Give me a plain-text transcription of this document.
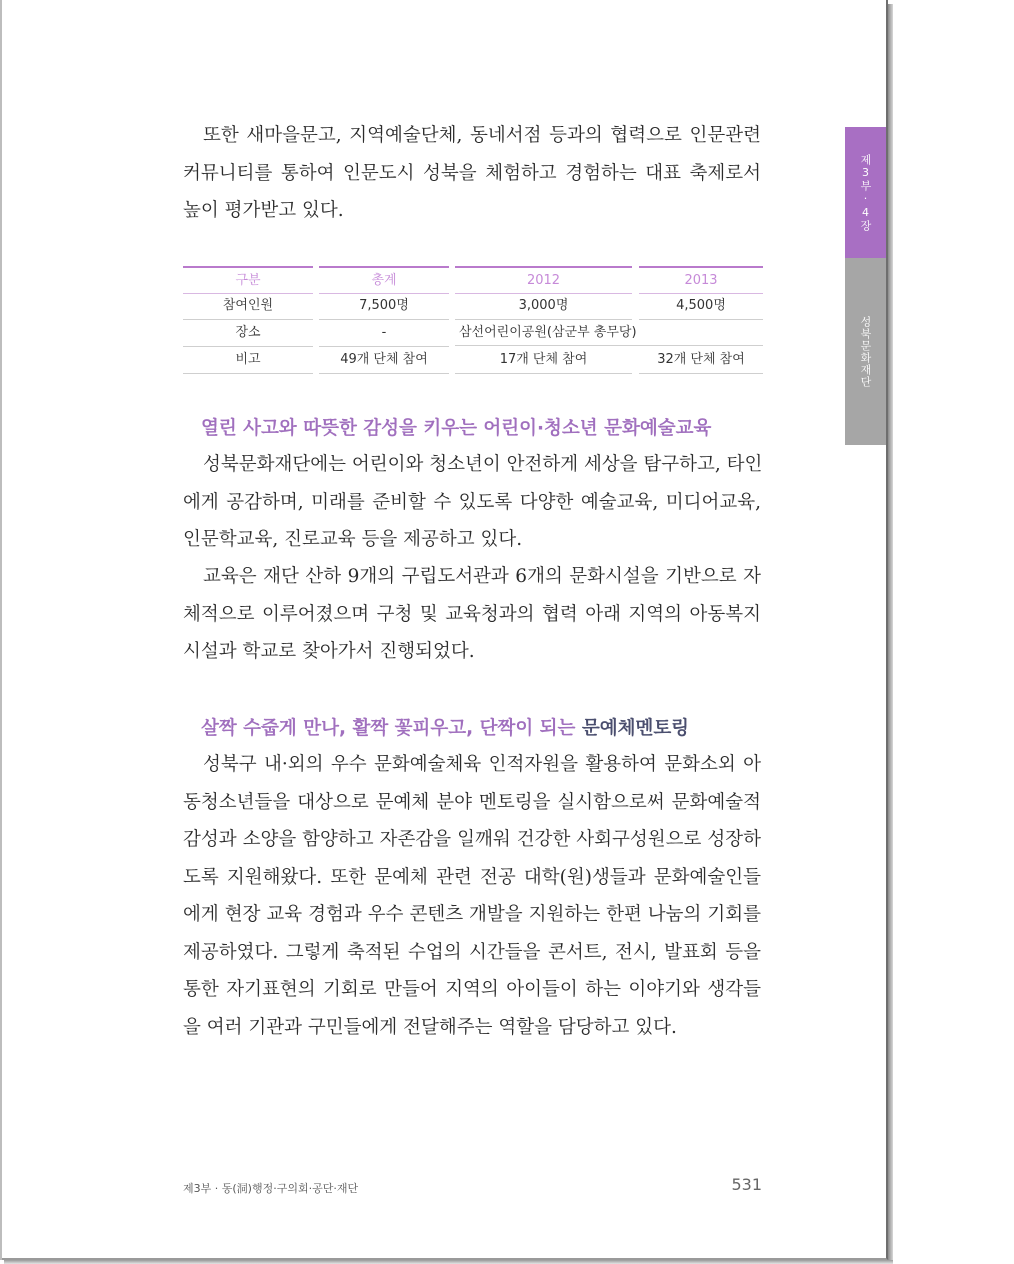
또한 새마을문고, 지역예술단체, 동네서점 등과의 협력으로 인문관련
커뮤니티를 통하여 인문도시 성북을 체험하고 경험하는 대표 축제로서
높이 평가받고 있다.
구분	총계	2012	2013
참여인원	7,500명	3,000명	4,500명
장소	-	삼선어린이공원(삼군부 총무당)
비고	49개 단체 참여	17개 단체 참여	32개 단체 참여
열린 사고와 따뜻한 감성을 키우는 어린이·청소년 문화예술교육
성북문화재단에는 어린이와 청소년이 안전하게 세상을 탐구하고, 타인
에게 공감하며, 미래를 준비할 수 있도록 다양한 예술교육, 미디어교육,
인문학교육, 진로교육 등을 제공하고 있다.
교육은 재단 산하 9개의 구립도서관과 6개의 문화시설을 기반으로 자
체적으로 이루어졌으며 구청 및 교육청과의 협력 아래 지역의 아동복지
시설과 학교로 찾아가서 진행되었다.
살짝 수줍게 만나, 활짝 꽃피우고, 단짝이 되는 문예체멘토링
성북구 내·외의 우수 문화예술체육 인적자원을 활용하여 문화소외 아
동청소년들을 대상으로 문예체 분야 멘토링을 실시함으로써 문화예술적
감성과 소양을 함양하고 자존감을 일깨워 건강한 사회구성원으로 성장하
도록 지원해왔다. 또한 문예체 관련 전공 대학(원)생들과 문화예술인들
에게 현장 교육 경험과 우수 콘텐츠 개발을 지원하는 한편 나눔의 기회를
제공하였다. 그렇게 축적된 수업의 시간들을 콘서트, 전시, 발표회 등을
통한 자기표현의 기회로 만들어 지역의 아이들이 하는 이야기와 생각들
을 여러 기관과 구민들에게 전달해주는 역할을 담당하고 있다.
제3부·4장
성북문화재단
제3부 · 동(洞)행정·구의회·공단·재단	531
